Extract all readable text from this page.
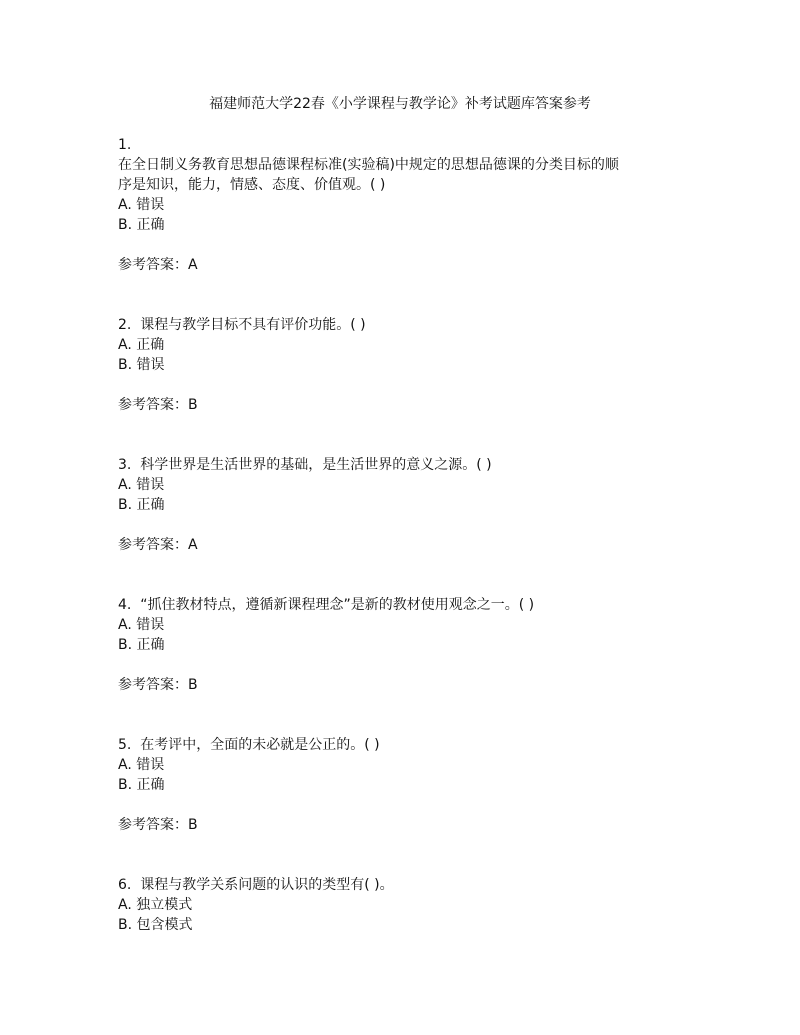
福建师范大学22春《小学课程与教学论》补考试题库答案参考
1.
在全日制义务教育思想品德课程标准(实验稿)中规定的思想品德课的分类目标的顺
序是知识，能力，情感、态度、价值观。( )
A. 错误
B. 正确
参考答案：A
2. 课程与教学目标不具有评价功能。( )
A. 正确
B. 错误
参考答案：B
3. 科学世界是生活世界的基础，是生活世界的意义之源。( )
A. 错误
B. 正确
参考答案：A
4. “抓住教材特点，遵循新课程理念”是新的教材使用观念之一。( )
A. 错误
B. 正确
参考答案：B
5. 在考评中，全面的未必就是公正的。( )
A. 错误
B. 正确
参考答案：B
6. 课程与教学关系问题的认识的类型有( )。
A. 独立模式
B. 包含模式
